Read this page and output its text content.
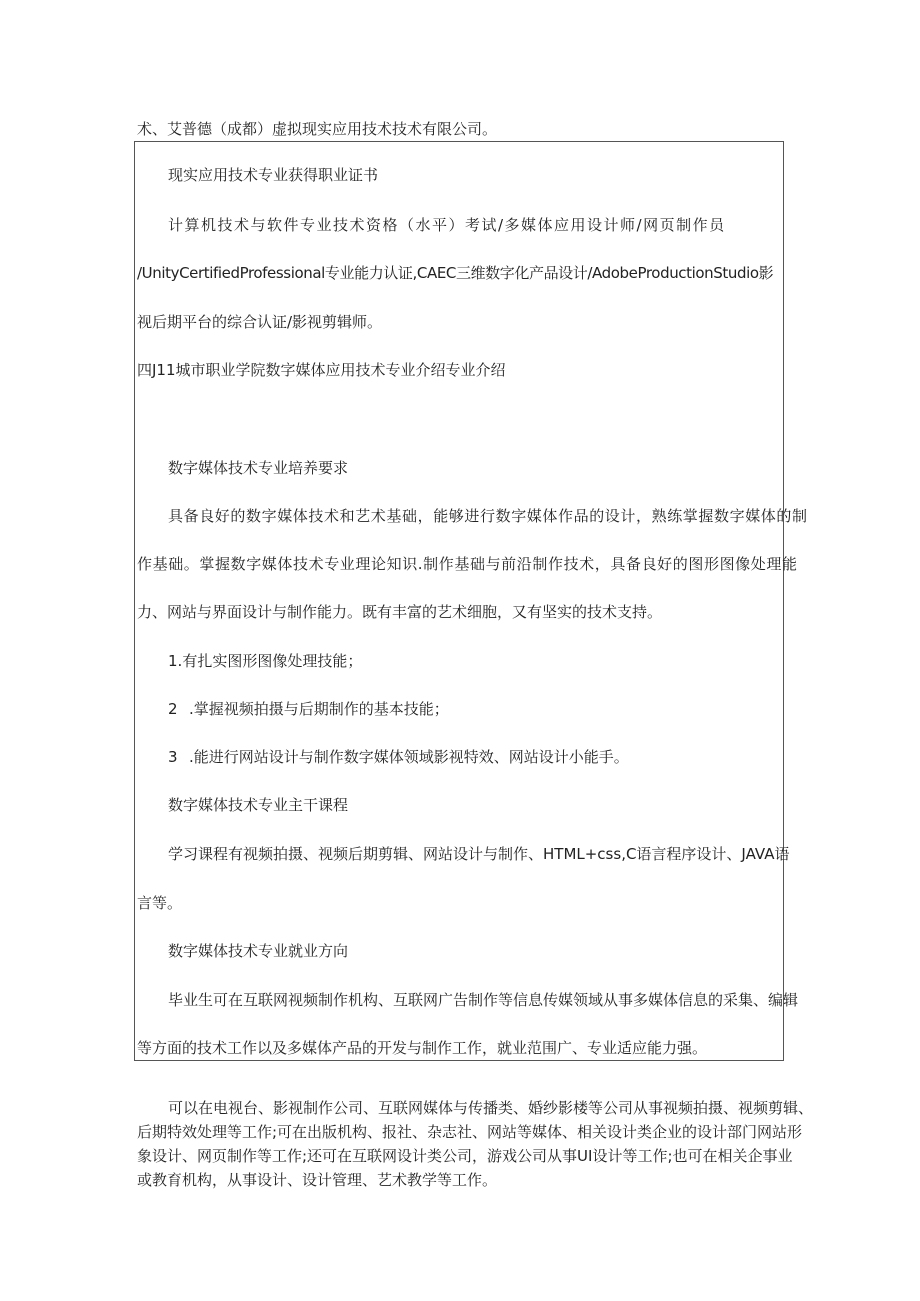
术、艾普德（成都）虚拟现实应用技术技术有限公司。
现实应用技术专业获得职业证书
计算机技术与软件专业技术资格（水平）考试/多媒体应用设计师/网页制作员
/UnityCertifiedProfessional专业能力认证,CAEC三维数字化产品设计/AdobeProductionStudio影
视后期平台的综合认证/影视剪辑师。
四J11城市职业学院数字媒体应用技术专业介绍专业介绍
数字媒体技术专业培养要求
具备良好的数字媒体技术和艺术基础，能够进行数字媒体作品的设计，熟练掌握数字媒体的制
作基础。掌握数字媒体技术专业理论知识.制作基础与前沿制作技术，具备良好的图形图像处理能
力、网站与界面设计与制作能力。既有丰富的艺术细胞，又有坚实的技术支持。
1.有扎实图形图像处理技能；
2 .掌握视频拍摄与后期制作的基本技能；
3 .能进行网站设计与制作数字媒体领域影视特效、网站设计小能手。
数字媒体技术专业主干课程
学习课程有视频拍摄、视频后期剪辑、网站设计与制作、HTML+css,C语言程序设计、JAVA语
言等。
数字媒体技术专业就业方向
毕业生可在互联网视频制作机构、互联网广告制作等信息传媒领域从事多媒体信息的采集、编辑
等方面的技术工作以及多媒体产品的开发与制作工作，就业范围广、专业适应能力强。
可以在电视台、影视制作公司、互联网媒体与传播类、婚纱影楼等公司从事视频拍摄、视频剪辑、
后期特效处理等工作;可在出版机构、报社、杂志社、网站等媒体、相关设计类企业的设计部门网站形
象设计、网页制作等工作;还可在互联网设计类公司，游戏公司从事UI设计等工作;也可在相关企事业
或教育机构，从事设计、设计管理、艺术教学等工作。
